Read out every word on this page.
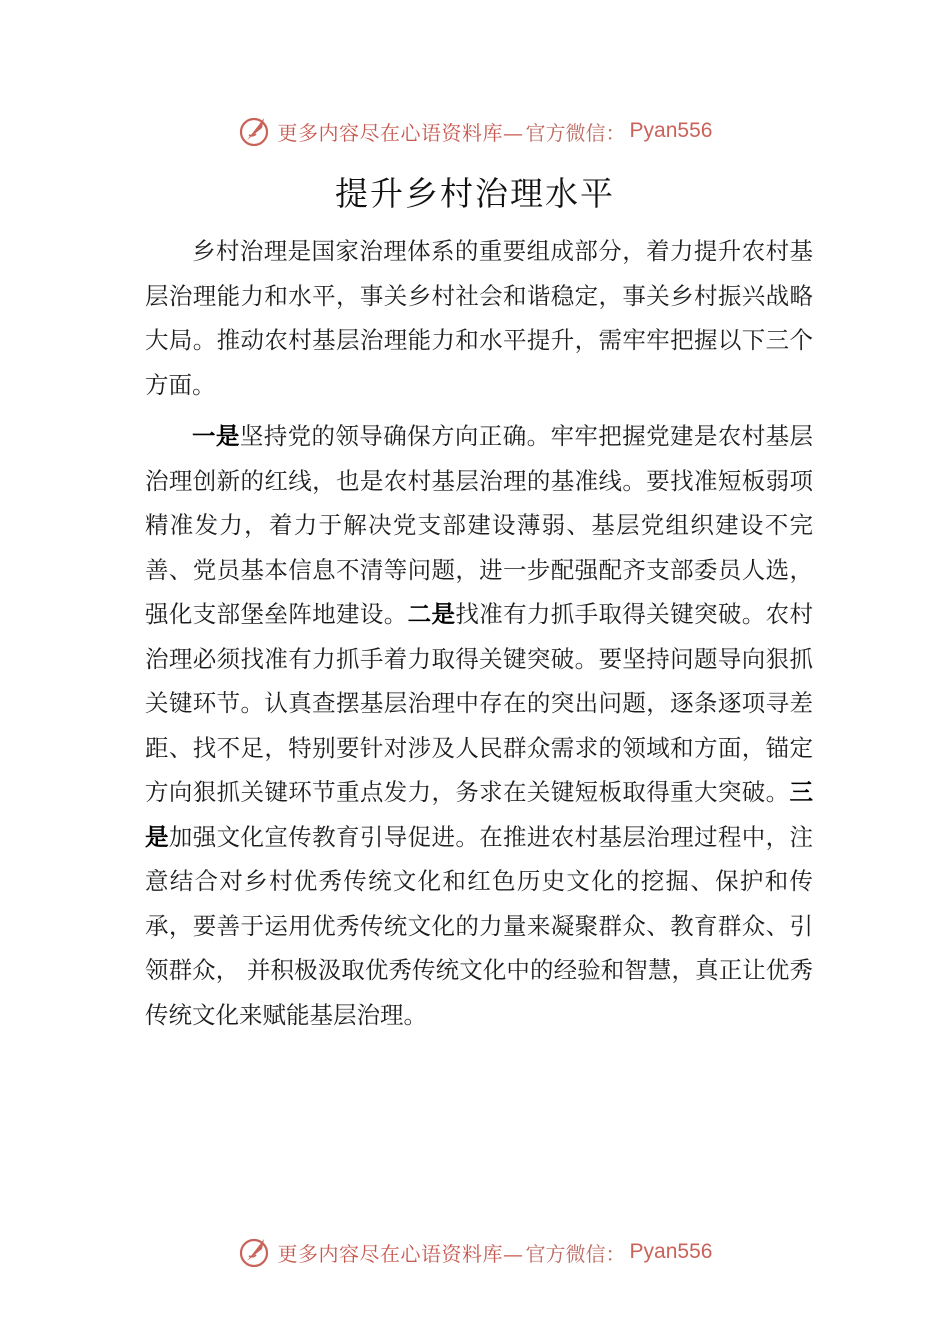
更多内容尽在心语资料库— 官方微信： Pyan556
提升乡村治理水平

乡村治理是国家治理体系的重要组成部分，着力提升农村基层治理能力和水平，事关乡村社会和谐稳定，事关乡村振兴战略大局。推动农村基层治理能力和水平提升，需牢牢把握以下三个方面。

一是坚持党的领导确保方向正确。牢牢把握党建是农村基层治理创新的红线，也是农村基层治理的基准线。要找准短板弱项精准发力，着力于解决党支部建设薄弱、基层党组织建设不完善、党员基本信息不清等问题，进一步配强配齐支部委员人选，强化支部堡垒阵地建设。二是找准有力抓手取得关键突破。农村治理必须找准有力抓手着力取得关键突破。要坚持问题导向狠抓关键环节。认真查摆基层治理中存在的突出问题，逐条逐项寻差距、找不足，特别要针对涉及人民群众需求的领域和方面，锚定方向狠抓关键环节重点发力，务求在关键短板取得重大突破。三是加强文化宣传教育引导促进。在推进农村基层治理过程中，注意结合对乡村优秀传统文化和红色历史文化的挖掘、保护和传承，要善于运用优秀传统文化的力量来凝聚群众、教育群众、引领群众， 并积极汲取优秀传统文化中的经验和智慧，真正让优秀传统文化来赋能基层治理。

更多内容尽在心语资料库— 官方微信： Pyan556
